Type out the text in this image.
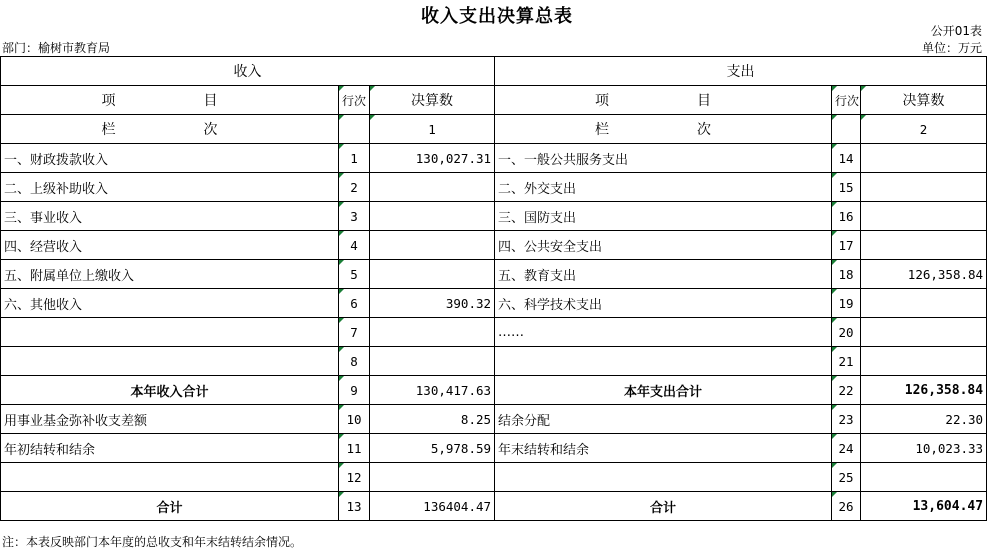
收入支出决算总表
公开01表
部门：榆树市教育局	单位：万元
收入			支出		
项　　目	行次	决算数	项　　目	行次	决算数
栏　　次		1	栏　　次		2
一、财政拨款收入	1	130,027.31	一、一般公共服务支出	14	
二、上级补助收入	2		二、外交支出	15	
三、事业收入	3		三、国防支出	16	
四、经营收入	4		四、公共安全支出	17	
五、附属单位上缴收入	5		五、教育支出	18	126,358.84
六、其他收入	6	390.32	六、科学技术支出	19	
	7		……	20	
	8			21	
本年收入合计	9	130,417.63	本年支出合计	22	126,358.84
用事业基金弥补收支差额	10	8.25	结余分配	23	22.30
年初结转和结余	11	5,978.59	年末结转和结余	24	10,023.33
	12			25	
合计	13	136404.47	合计	26	13,604.47
注：本表反映部门本年度的总收支和年末结转结余情况。
